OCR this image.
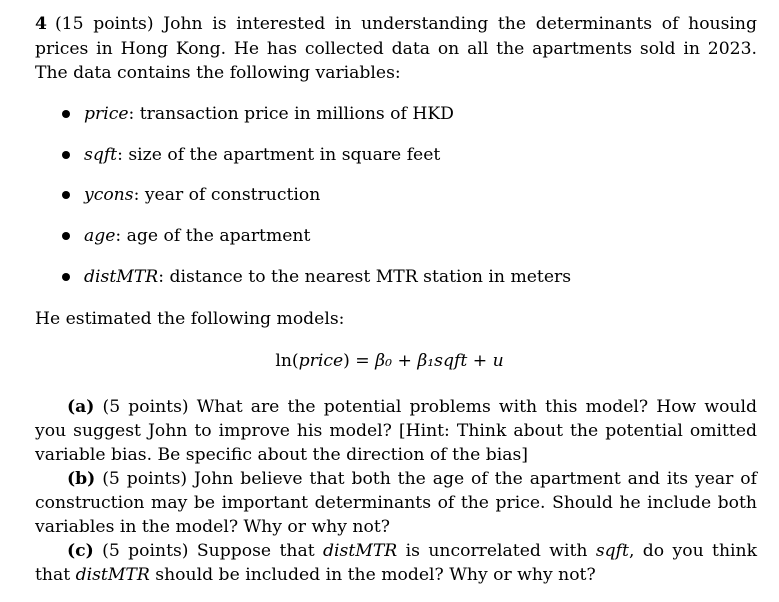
4 (15 points) John is interested in understanding the determinants of housing prices in Hong Kong. He has collected data on all the apartments sold in 2023. The data contains the following variables:
price: transaction price in millions of HKD
sqft: size of the apartment in square feet
ycons: year of construction
age: age of the apartment
distMTR: distance to the nearest MTR station in meters
He estimated the following models:
ln(price) = β₀ + β₁sqft + u

(a) (5 points) What are the potential problems with this model? How would you suggest John to improve his model? [Hint: Think about the potential omitted variable bias. Be specific about the direction of the bias]

(b) (5 points) John believe that both the age of the apartment and its year of construction may be important determinants of the price. Should he include both variables in the model? Why or why not?

(c) (5 points) Suppose that distMTR is uncorrelated with sqft, do you think that distMTR should be included in the model? Why or why not?
